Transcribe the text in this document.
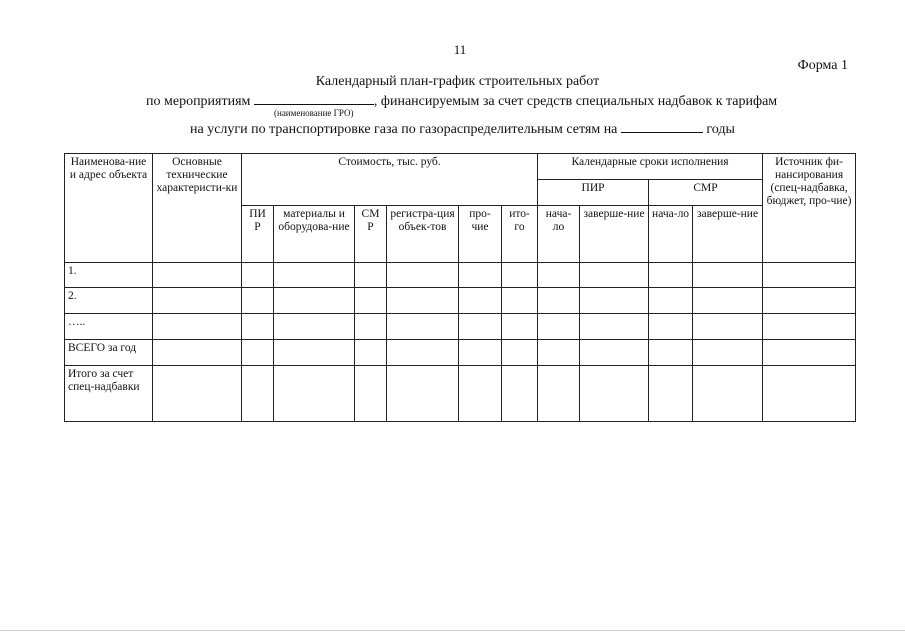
11
Форма 1
Календарный план-график строительных работ
по мероприятиям	, финансируемым за счет средств специальных надбавок к тарифам
(наименование ГРО)
на услуги по транспортировке газа по газораспределительным сетям на	годы
Наименова-ние и адрес объекта	Основные технические характеристи-ки	Стоимость, тыс. руб.						Календарные сроки исполнения				Источник фи-нансирования (спец-надбавка, бюджет, про-чие)
								ПИР		СМР		
		ПИ Р	материалы и оборудова-ние	СМ Р	регистра-ция объек-тов	про-чие	ито-го	нача-ло	заверше-ние	нача-ло	заверше-ние	
1.												
2.												
…..												
ВСЕГО за год												
Итого за счет спец-надбавки												
